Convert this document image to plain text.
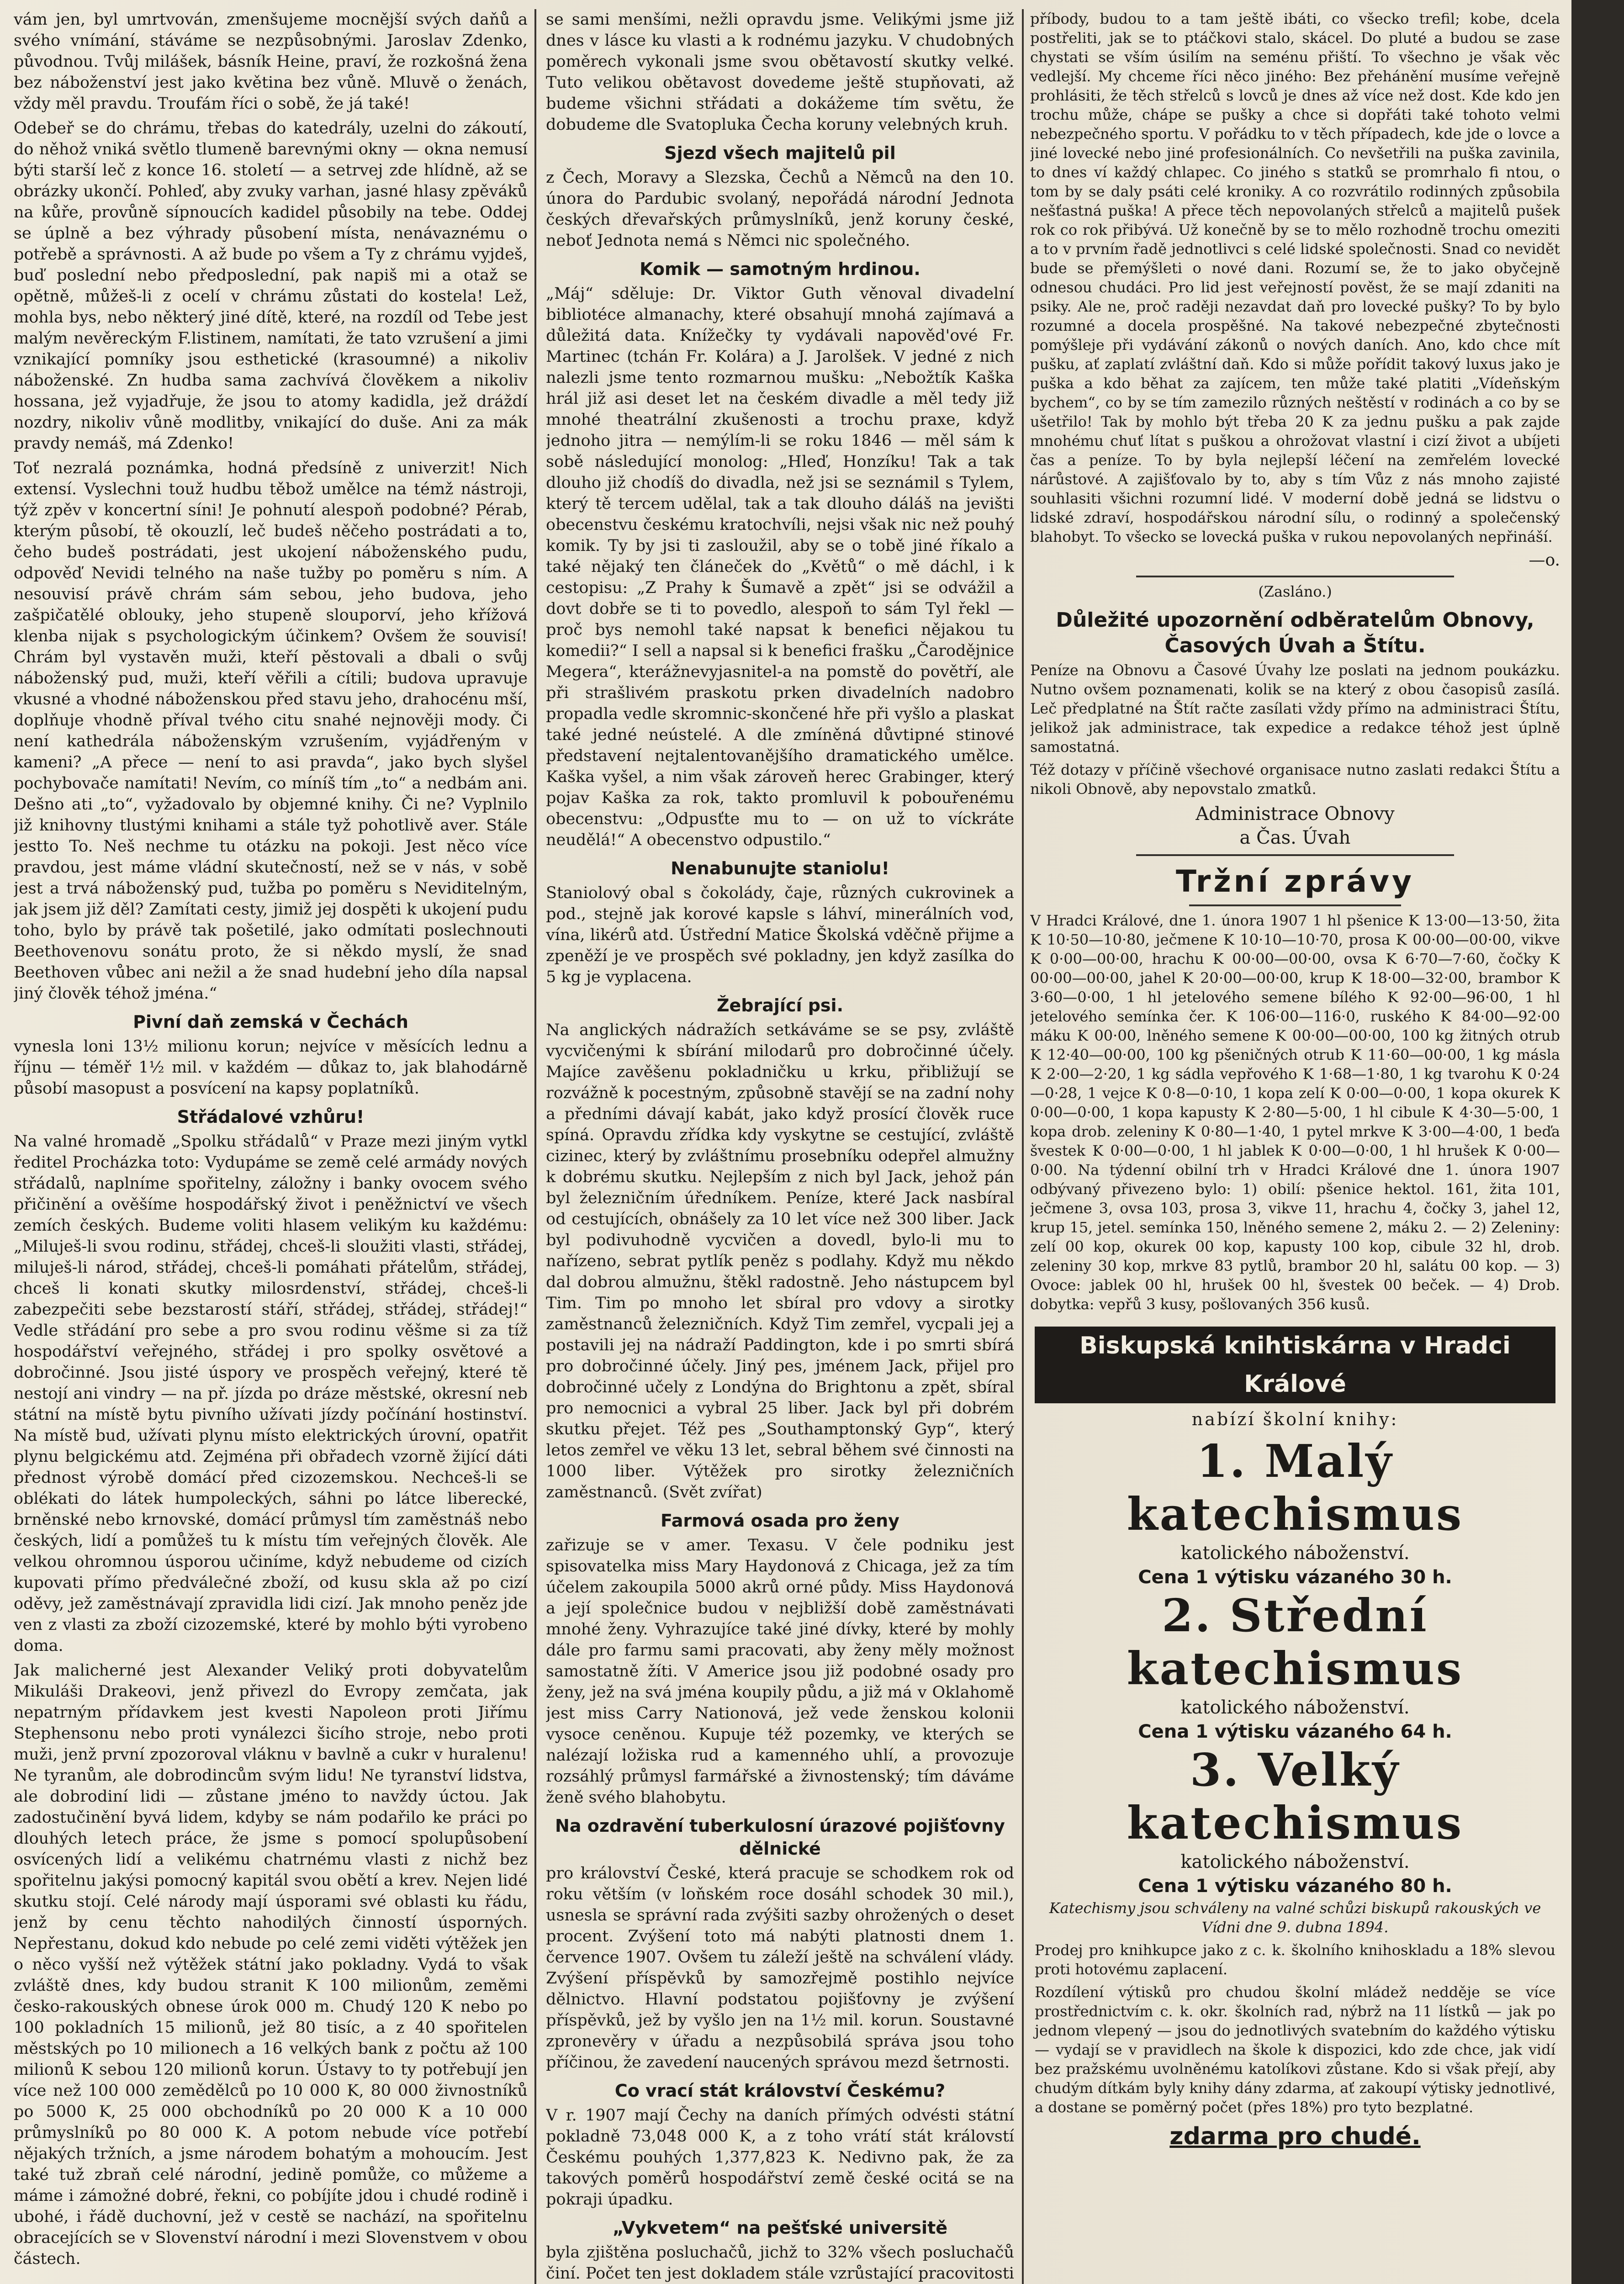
vám jen, byl umrtvován, zmenšujeme mocnější svých daňů a svého vnímání, stáváme se nezpůsobnými. Jaroslav Zdenko, původnou. Tvůj milášek, básník Heine, praví, že rozkošná žena bez náboženství jest jako květina bez vůně. Mluvě o ženách, vždy měl pravdu. Troufám říci o sobě, že já také!

Odebeř se do chrámu, třebas do katedrály, uzelni do zákoutí, do něhož vniká světlo tlumeně barevnými okny — okna nemusí býti starší leč z konce 16. století — a setrvej zde hlídně, až se obrázky ukončí. Pohleď, aby zvuky varhan, jasné hlasy zpěváků na kůře, provůně sípnoucích kadidel působily na tebe. Oddej se úplně a bez výhrady působení místa, nenávaznému o potřebě a správnosti. A až bude po všem a Ty z chrámu vyjdeš, buď poslední nebo předposlední, pak napiš mi a otaž se opětně, můžeš-li z ocelí v chrámu zůstati do kostela! Lež, mohla bys, nebo některý jiné dítě, které, na rozdíl od Tebe jest malým nevěreckým F.listinem, namítati, že tato vzrušení a jimi vznikající pomníky jsou esthetické (krasoumné) a nikoliv náboženské. Zn hudba sama zachvívá člověkem a nikoliv hossana, jež vyjadřuje, že jsou to atomy kadidla, jež dráždí nozdry, nikoliv vůně modlitby, vnikající do duše. Ani za mák pravdy nemáš, má Zdenko!

Toť nezralá poznámka, hodná předsíně z univerzit! Nich extensí. Vyslechni touž hudbu těbož umělce na témž nástroji, týž zpěv v koncertní síni! Je pohnutí alespoň podobné? Pérab, kterým působí, tě okouzlí, leč budeš něčeho postrádati a to, čeho budeš postrádati, jest ukojení náboženského pudu, odpověď Nevidi telného na naše tužby po poměru s ním. A nesouvisí právě chrám sám sebou, jeho budova, jeho zašpičatělé oblouky, jeho stupeně slouporví, jeho křížová klenba nijak s psychologickým účinkem? Ovšem že souvisí! Chrám byl vystavěn muži, kteří pěstovali a dbali o svůj náboženský pud, muži, kteří věřili a cítili; budova upravuje vkusné a vhodné náboženskou před stavu jeho, drahocénu mší, doplňuje vhodně příval tvého citu snahé nejnověji mody. Či není kathedrála náboženským vzrušením, vyjádřeným v kameni? „A přece — není to asi pravda“, jako bych slyšel pochybovače namítati! Nevím, co míníš tím „to“ a nedbám ani. Dešno ati „to“, vyžadovalo by objemné knihy. Či ne? Vyplnilo již knihovny tlustými knihami a stále tyž pohotlivě aver. Stále jestto To. Neš nechme tu otázku na pokoji. Jest něco více pravdou, jest máme vládní skutečností, než se v nás, v sobě jest a trvá náboženský pud, tužba po poměru s Neviditelným, jak jsem již děl? Zamítati cesty, jimiž jej dospěti k ukojení pudu toho, bylo by právě tak pošetilé, jako odmítati poslechnouti Beethovenovu sonátu proto, že si někdo myslí, že snad Beethoven vůbec ani nežil a že snad hudební jeho díla napsal jiný člověk téhož jména.“

Pivní daň zemská v Čechách

vynesla loni 13½ milionu korun; nejvíce v měsících lednu a říjnu — téměř 1½ mil. v každém — důkaz to, jak blahodárně působí masopust a posvícení na kapsy poplatníků.

Střádalové vzhůru!

Na valné hromadě „Spolku střádalů“ v Praze mezi jiným vytkl ředitel Procházka toto: Vydupáme se země celé armády nových střádalů, naplníme spořitelny, záložny i banky ovocem svého přičinění a ověšíme hospodářský život i peněžnictví ve všech zemích českých. Budeme voliti hlasem velikým ku každému: „Miluješ-li svou rodinu, střádej, chceš-li sloužiti vlasti, střádej, miluješ-li národ, střádej, chceš-li pomáhati přátelům, střádej, chceš li konati skutky milosrdenství, střádej, chceš-li zabezpečiti sebe bezstarostí stáří, střádej, střádej, střádej!“ Vedle střádání pro sebe a pro svou rodinu věšme si za tíž hospodářství veřejného, střádej i pro spolky osvětové a dobročinné. Jsou jisté úspory ve prospěch veřejný, které tě nestojí ani vindry — na př. jízda po dráze městské, okresní neb státní na místě bytu pivního užívati jízdy počínání hostinství. Na místě bud, užívati plynu místo elektrických úrovní, opatřit plynu belgickému atd. Zejména při obřadech vzorně žijící dáti přednost výrobě domácí před cizozemskou. Nechceš-li se oblékati do látek humpoleckých, sáhni po látce liberecké, brněnské nebo krnovské, domácí průmysl tím zaměstnáš nebo českých, lidí a pomůžeš tu k místu tím veřejných člověk. Ale velkou ohromnou úsporou učiníme, když nebudeme od cizích kupovati přímo předválečné zboží, od kusu skla až po cizí oděvy, jež zaměstnávají zpravidla lidi cizí. Jak mnoho peněz jde ven z vlasti za zboží cizozemské, které by mohlo býti vyrobeno doma.

Jak malicherné jest Alexander Veliký proti dobyvatelům Mikuláši Drakeovi, jenž přivezl do Evropy zemčata, jak nepatrným přídavkem jest kvesti Napoleon proti Jiřímu Stephensonu nebo proti vynálezci šicího stroje, nebo proti muži, jenž první zpozoroval vláknu v bavlně a cukr v huralenu! Ne tyranům, ale dobrodincům svým lidu! Ne tyranství lidstva, ale dobrodiní lidi — zůstane jméno to navždy úctou. Jak zadostučinění byvá lidem, kdyby se nám podařilo ke práci po dlouhých letech práce, že jsme s pomocí spolupůsobení osvícených lidí a velikému chatrnému vlasti z nichž bez spořitelnu jakýsi pomocný kapitál svou obětí a krev. Nejen lidé skutku stojí. Celé národy mají úsporami své oblasti ku řádu, jenž by cenu těchto nahodilých činností úsporných. Nepřestanu, dokud kdo nebude po celé zemi viděti výtěžek jen o něco vyšší než výtěžek státní jako pokladny. Vydá to však zvláště dnes, kdy budou stranit K 100 milionům, zeměmi česko-rakouských obnese úrok 000 m. Chudý 120 K nebo po 100 pokladních 15 milionů, jež 80 tisíc, a z 40 spořitelen městských po 10 milionech a 16 velkých bank z počtu až 100 milionů K sebou 120 milionů korun. Ústavy to ty potřebují jen více než 100 000 zemědělců po 10 000 K, 80 000 živnostníků po 5000 K, 25 000 obchodníků po 20 000 K a 10 000 průmyslníků po 80 000 K. A potom nebude více potřebí nějakých tržních, a jsme národem bohatým a mohoucím. Jest také tuž zbraň celé národní, jedině pomůže, co můžeme a máme i zámožné dobré, řekni, co pobíjíte jdou i chudé rodině i ubohé, i řádě duchovní, jež v cestě se nachází, na spořitelnu obracejících se v Slovenství národní i mezi Slovenstvem v obou částech.

se sami menšími, nežli opravdu jsme. Velikými jsme již dnes v lásce ku vlasti a k rodnému jazyku. V chudobných poměrech vykonali jsme svou obětavostí skutky velké. Tuto velikou obětavost dovedeme ještě stupňovati, až budeme všichni střádati a dokážeme tím světu, že dobudeme dle Svatopluka Čecha koruny velebných kruh.

Sjezd všech majitelů pil

z Čech, Moravy a Slezska, Čechů a Němců na den 10. února do Pardubic svolaný, nepořádá národní Jednota českých dřevařských průmyslníků, jenž koruny české, neboť Jednota nemá s Němci nic společného.

Komik — samotným hrdinou.

„Máj“ sděluje: Dr. Viktor Guth věnoval divadelní bibliotéce almanachy, které obsahují mnohá zajímavá a důležitá data. Knížečky ty vydávali napověd'ové Fr. Martinec (tchán Fr. Kolára) a J. Jarolšek. V jedné z nich nalezli jsme tento rozmarnou mušku: „Nebožtík Kaška hrál již asi deset let na českém divadle a měl tedy již mnohé theatrální zkušenosti a trochu praxe, když jednoho jitra — nemýlím-li se roku 1846 — měl sám k sobě následující monolog: „Hleď, Honzíku! Tak a tak dlouho již chodíš do divadla, než jsi se seznámil s Tylem, který tě tercem udělal, tak a tak dlouho dáláš na jevišti obecenstvu českému kratochvíli, nejsi však nic než pouhý komik. Ty by jsi ti zasloužil, aby se o tobě jiné říkalo a také nějaký ten článeček do „Květů“ o mě dáchl, i k cestopisu: „Z Prahy k Šumavě a zpět“ jsi se odvážil a dovt dobře se ti to povedlo, alespoň to sám Tyl řekl — proč bys nemohl také napsat k benefici nějakou tu komedii?“ I sell a napsal si k benefici frašku „Čarodějnice Megera“, kterážnevyjasnitel-a na pomstě do povětří, ale při strašlivém praskotu prken divadelních nadobro propadla vedle skromnic-skončené hře při vyšlo a plaskat také jedné neústelé. A dle zmíněná důvtipné stinové představení nejtalentovanějšího dramatického umělce. Kaška vyšel, a nim však zároveň herec Grabinger, který pojav Kaška za rok, takto promluvil k pobouřenému obecenstvu: „Odpusťte mu to — on už to víckráte neudělá!“ A obecenstvo odpustilo.“

Nenabunujte staniolu!

Staniolový obal s čokolády, čaje, různých cukrovinek a pod., stejně jak korové kapsle s láhví, minerálních vod, vína, likérů atd. Ústřední Matice Školská vděčně přijme a zpeněží je ve prospěch své pokladny, jen když zasílka do 5 kg je vyplacena.

Žebrající psi.

Na anglických nádražích setkáváme se se psy, zvláště vycvičenými k sbírání milodarů pro dobročinné účely. Majíce zavěšenu pokladničku u krku, přibližují se rozvážně k pocestným, způsobně stavějí se na zadní nohy a předními dávají kabát, jako když prosící člověk ruce spíná. Opravdu zřídka kdy vyskytne se cestující, zvláště cizinec, který by zvláštnímu prosebníku odepřel almužny k dobrému skutku. Nejlepším z nich byl Jack, jehož pán byl železničním úředníkem. Peníze, které Jack nasbíral od cestujících, obnášely za 10 let více než 300 liber. Jack byl podivuhodně vycvičen a dovedl, bylo-li mu to nařízeno, sebrat pytlík peněz s podlahy. Když mu někdo dal dobrou almužnu, štěkl radostně. Jeho nástupcem byl Tim. Tim po mnoho let sbíral pro vdovy a sirotky zaměstnanců železničních. Když Tim zemřel, vycpali jej a postavili jej na nádraží Paddington, kde i po smrti sbírá pro dobročinné účely. Jiný pes, jménem Jack, přijel pro dobročinné učely z Londýna do Brightonu a zpět, sbíral pro nemocnici a vybral 25 liber. Jack byl při dobrém skutku přejet. Též pes „Southamptonský Gyp“, který letos zemřel ve věku 13 let, sebral během své činnosti na 1000 liber. Výtěžek pro sirotky železničních zaměstnanců. (Svět zvířat)

Farmová osada pro ženy

zařizuje se v amer. Texasu. V čele podniku jest spisovatelka miss Mary Haydonová z Chicaga, jež za tím účelem zakoupila 5000 akrů orné půdy. Miss Haydonová a její společnice budou v nejbližší době zaměstnávati mnohé ženy. Vyhrazujíce také jiné dívky, které by mohly dále pro farmu sami pracovati, aby ženy měly možnost samostatně žíti. V Americe jsou již podobné osady pro ženy, jež na svá jména koupily půdu, a již má v Oklahomě jest miss Carry Nationová, jež vede ženskou kolonii vysoce ceněnou. Kupuje též pozemky, ve kterých se nalézají ložiska rud a kamenného uhlí, a provozuje rozsáhlý průmysl farmářské a živnostenský; tím dáváme ženě svého blahobytu.

Na ozdravění tuberkulosní úrazové pojišťovny dělnické

pro království České, která pracuje se schodkem rok od roku větším (v loňském roce dosáhl schodek 30 mil.), usnesla se správní rada zvýšiti sazby ohrožených o deset procent. Zvýšení toto má nabýti platnosti dnem 1. července 1907. Ovšem tu záleží ještě na schválení vlády. Zvýšení příspěvků by samozřejmě postihlo nejvíce dělnictvo. Hlavní podstatou pojišťovny je zvýšení příspěvků, jež by vyšlo jen na 1½ mil. korun. Soustavné zpronevěry v úřadu a nezpůsobilá správa jsou toho příčinou, že zavedení naucených správou mezd šetrnosti.

Co vrací stát království Českému?

V r. 1907 mají Čechy na daních přímých odvésti státní pokladně 73,048 000 K, a z toho vrátí stát královstí Českému pouhých 1,377,823 K. Nedivno pak, že za takových poměrů hospodářství země české ocitá se na pokraji úpadku.

„Vykvetem“ na pešťské universitě

byla zjištěna posluchačů, jichž to 32% všech posluchačů činí. Počet ten jest dokladem stále vzrůstající pracovitosti

příbody, budou to a tam ještě ibáti, co všecko trefil; kobe, dcela postřeliti, jak se to ptáčkovi stalo, skácel. Do pluté a budou se zase chystati se vším úsilím na seménu přiští. To všechno je však věc vedlejší. My chceme říci něco jiného: Bez přehánění musíme veřejně prohlásiti, že těch střelců s lovců je dnes až více než dost. Kde kdo jen trochu může, chápe se pušky a chce si dopřáti také tohoto velmi nebezpečného sportu. V pořádku to v těch případech, kde jde o lovce a jiné lovecké nebo jiné profesionálních. Co nevšetřili na puška zavinila, to dnes ví každý chlapec. Co jiného s statků se promrhalo fi ntou, o tom by se daly psáti celé kroniky. A co rozvrátilo rodinných způsobila nešťastná puška! A přece těch nepovolaných střelců a majitelů pušek rok co rok přibývá. Už konečně by se to mělo rozhodně trochu omeziti a to v prvním řadě jednotlivci s celé lidské společnosti. Snad co nevidět bude se přemýšleti o nové dani. Rozumí se, že to jako obyčejně odnesou chudáci. Pro lid jest veřejností pověst, že se mají zdaniti na psiky. Ale ne, proč raději nezavdat daň pro lovecké pušky? To by bylo rozumné a docela prospěšné. Na takové nebezpečné zbytečnosti pomýšleje při vydávání zákonů o nových daních. Ano, kdo chce mít pušku, ať zaplatí zvláštní daň. Kdo si může pořídit takový luxus jako je puška a kdo běhat za zajícem, ten může také platiti „Vídeňským bychem“, co by se tím zamezilo různých neštěstí v rodinách a co by se ušetřilo! Tak by mohlo být třeba 20 K za jednu pušku a pak zajde mnohému chuť lítat s puškou a ohrožovat vlastní i cizí život a ubíjeti čas a peníze. To by byla nejlepší léčení na zemřelém lovecké nárůstové. A zajišťovalo by to, aby s tím Vůz z nás mnoho zajisté souhlasiti všichni rozumní lidé. V moderní době jedná se lidstvu o lidské zdraví, hospodářskou národní sílu, o rodinný a společenský blahobyt. To všecko se lovecká puška v rukou nepovolaných nepřináší.

—o.

(Zasláno.)

Důležité upozornění odběratelům Obnovy, Časových Úvah a Štítu.

Peníze na Obnovu a Časové Úvahy lze poslati na jednom poukázku. Nutno ovšem poznamenati, kolik se na který z obou časopisů zasílá. Leč předplatné na Štít račte zasílati vždy přímo na administraci Štítu, jelikož jak administrace, tak expedice a redakce téhož jest úplně samostatná.

Též dotazy v příčině všechové organisace nutno zaslati redakci Štítu a nikoli Obnově, aby nepovstalo zmatků.

Administrace Obnovy

a Čas. Úvah

Tržní zprávy

V Hradci Králové, dne 1. února 1907 1 hl pšenice K 13·00—13·50, žita K 10·50—10·80, ječmene K 10·10—10·70, prosa K 00·00—00·00, vikve K 0·00—00·00, hrachu K 00·00—00·00, ovsa K 6·70—7·60, čočky K 00·00—00·00, jahel K 20·00—00·00, krup K 18·00—32·00, brambor K 3·60—0·00, 1 hl jetelového semene bílého K 92·00—96·00, 1 hl jetelového semínka čer. K 106·00—116·0, ruského K 84·00—92·00 máku K 00·00, lněného semene K 00·00—00·00, 100 kg žitných otrub K 12·40—00·00, 100 kg pšeničných otrub K 11·60—00·00, 1 kg másla K 2·00—2·20, 1 kg sádla vepřového K 1·68—1·80, 1 kg tvarohu K 0·24—0·28, 1 vejce K 0·8—0·10, 1 kopa zelí K 0·00—0·00, 1 kopa okurek K 0·00—0·00, 1 kopa kapusty K 2·80—5·00, 1 hl cibule K 4·30—5·00, 1 kopa drob. zeleniny K 0·80—1·40, 1 pytel mrkve K 3·00—4·00, 1 beďa švestek K 0·00—0·00, 1 hl jablek K 0·00—0·00, 1 hl hrušek K 0·00—0·00. Na týdenní obilní trh v Hradci Králové dne 1. února 1907 odbývaný přivezeno bylo: 1) obilí: pšenice hektol. 161, žita 101, ječmene 3, ovsa 103, prosa 3, vikve 11, hrachu 4, čočky 3, jahel 12, krup 15, jetel. semínka 150, lněného semene 2, máku 2. — 2) Zeleniny: zelí 00 kop, okurek 00 kop, kapusty 100 kop, cibule 32 hl, drob. zeleniny 30 kop, mrkve 83 pytlů, brambor 20 hl, salátu 00 kop. — 3) Ovoce: jablek 00 hl, hrušek 00 hl, švestek 00 beček. — 4) Drob. dobytka: vepřů 3 kusy, pošlovaných 356 kusů.

Biskupská knihtiskárna v Hradci Králové
nabízí školní knihy:
1. Malý katechismus
katolického náboženství.
Cena 1 výtisku vázaného 30 h.
2. Střední katechismus
katolického náboženství.
Cena 1 výtisku vázaného 64 h.
3. Velký katechismus
katolického náboženství.
Cena 1 výtisku vázaného 80 h.

Katechismy jsou schváleny na valné schůzi biskupů rakouských ve Vídni dne 9. dubna 1894.

Prodej pro knihkupce jako z c. k. školního knihoskladu a 18% slevou proti hotovému zaplacení.

Rozdílení výtisků pro chudou školní mládež nedděje se více prostřednictvím c. k. okr. školních rad, nýbrž na 11 lístků — jak po jednom vlepený — jsou do jednotlivých svatebním do každého výtisku — vydají se v pravidlech na škole k dispozici, kdo zde chce, jak vidí bez pražskému uvolněnému katolíkovi zůstane. Kdo si však přejí, aby chudým dítkám byly knihy dány zdarma, ať zakoupí výtisky jednotlivé, a dostane se poměrný počet (přes 18%) pro tyto bezplatné.

zdarma pro chudé.
